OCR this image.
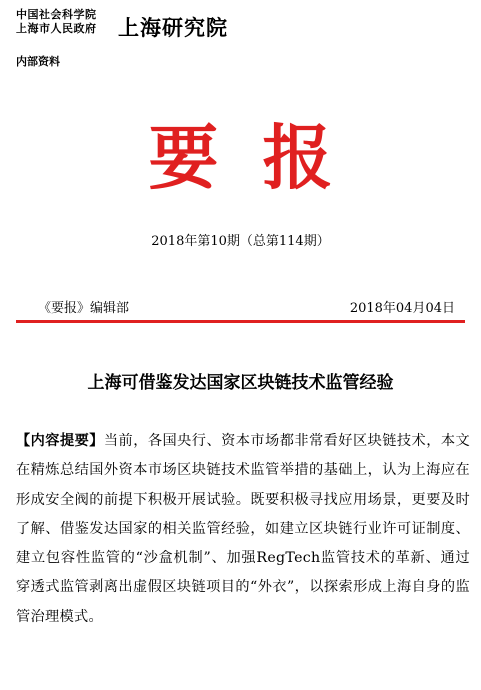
中国社会科学院
上海市人民政府 上海研究院
内部资料
要报
2018年第10期（总第114期）
《要报》编辑部	2018年04月04日
上海可借鉴发达国家区块链技术监管经验
【内容提要】当前，各国央行、资本市场都非常看好区块链技术，本文在精炼总结国外资本市场区块链技术监管举措的基础上，认为上海应在形成安全阀的前提下积极开展试验。既要积极寻找应用场景，更要及时了解、借鉴发达国家的相关监管经验，如建立区块链行业许可证制度、建立包容性监管的“沙盒机制”、加强RegTech监管技术的革新、通过穿透式监管剥离出虚假区块链项目的“外衣”，以探索形成上海自身的监管治理模式。
